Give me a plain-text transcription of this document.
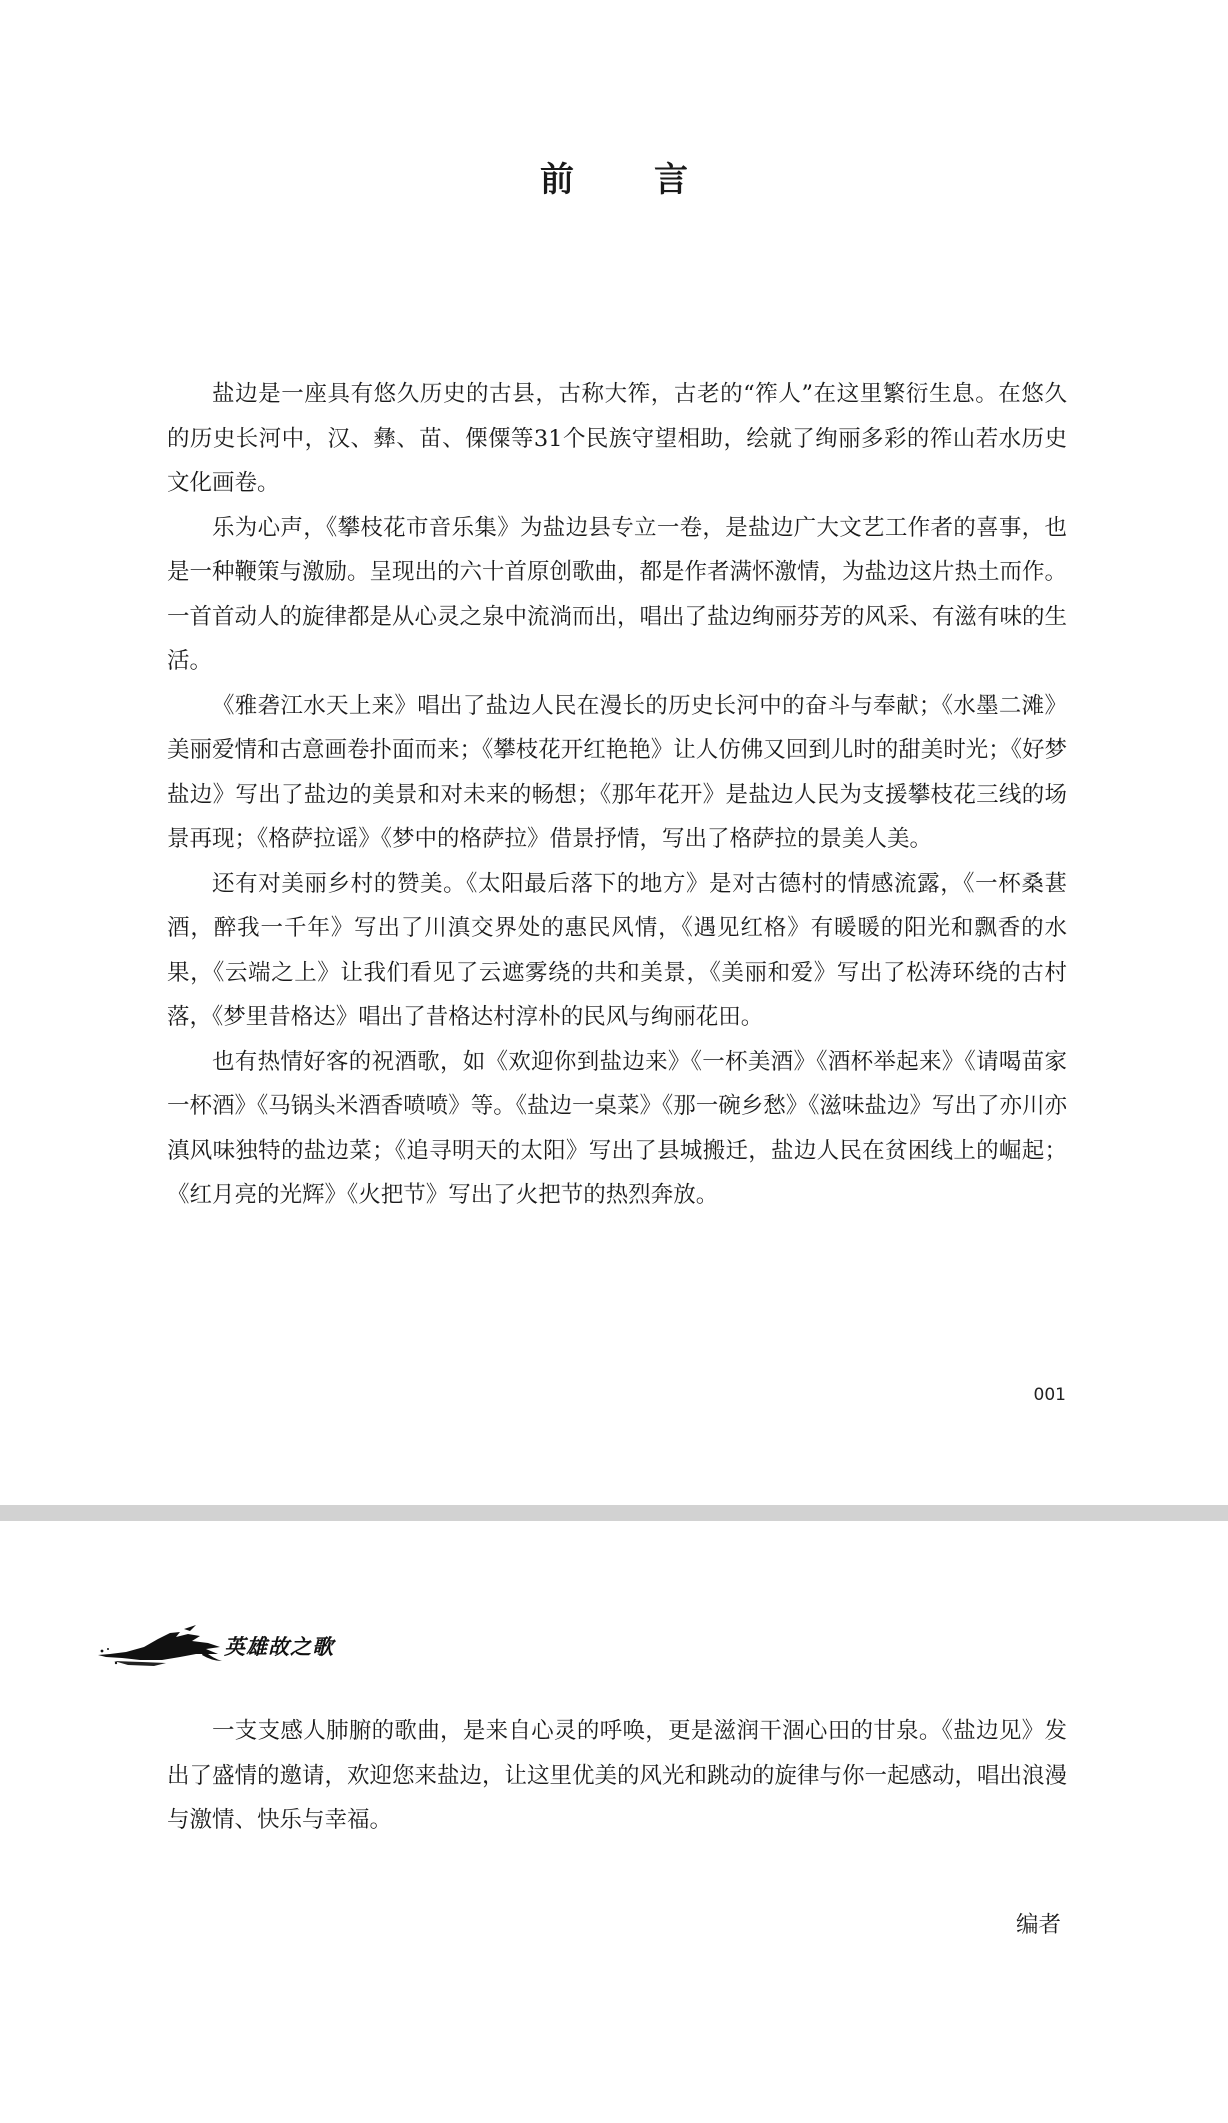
前 言

盐边是一座具有悠久历史的古县，古称大筰，古老的“筰人”在这里繁衍生息。在悠久的历史长河中，汉、彝、苗、傈僳等31个民族守望相助，绘就了绚丽多彩的筰山若水历史文化画卷。

乐为心声，《攀枝花市音乐集》为盐边县专立一卷，是盐边广大文艺工作者的喜事，也是一种鞭策与激励。呈现出的六十首原创歌曲，都是作者满怀激情，为盐边这片热土而作。一首首动人的旋律都是从心灵之泉中流淌而出，唱出了盐边绚丽芬芳的风采、有滋有味的生活。

《雅砻江水天上来》唱出了盐边人民在漫长的历史长河中的奋斗与奉献；《水墨二滩》美丽爱情和古意画卷扑面而来；《攀枝花开红艳艳》让人仿佛又回到儿时的甜美时光；《好梦盐边》写出了盐边的美景和对未来的畅想；《那年花开》是盐边人民为支援攀枝花三线的场景再现；《格萨拉谣》《梦中的格萨拉》借景抒情，写出了格萨拉的景美人美。

还有对美丽乡村的赞美。《太阳最后落下的地方》是对古德村的情感流露，《一杯桑葚酒，醉我一千年》写出了川滇交界处的惠民风情，《遇见红格》有暖暖的阳光和飘香的水果，《云端之上》让我们看见了云遮雾绕的共和美景，《美丽和爱》写出了松涛环绕的古村落，《梦里昔格达》唱出了昔格达村淳朴的民风与绚丽花田。

也有热情好客的祝酒歌，如《欢迎你到盐边来》《一杯美酒》《酒杯举起来》《请喝苗家一杯酒》《马锅头米酒香喷喷》等。《盐边一桌菜》《那一碗乡愁》《滋味盐边》写出了亦川亦滇风味独特的盐边菜；《追寻明天的太阳》写出了县城搬迁，盐边人民在贫困线上的崛起；《红月亮的光辉》《火把节》写出了火把节的热烈奔放。

001
英雄故之歌

一支支感人肺腑的歌曲，是来自心灵的呼唤，更是滋润干涸心田的甘泉。《盐边见》发出了盛情的邀请，欢迎您来盐边，让这里优美的风光和跳动的旋律与你一起感动，唱出浪漫与激情、快乐与幸福。

编者
